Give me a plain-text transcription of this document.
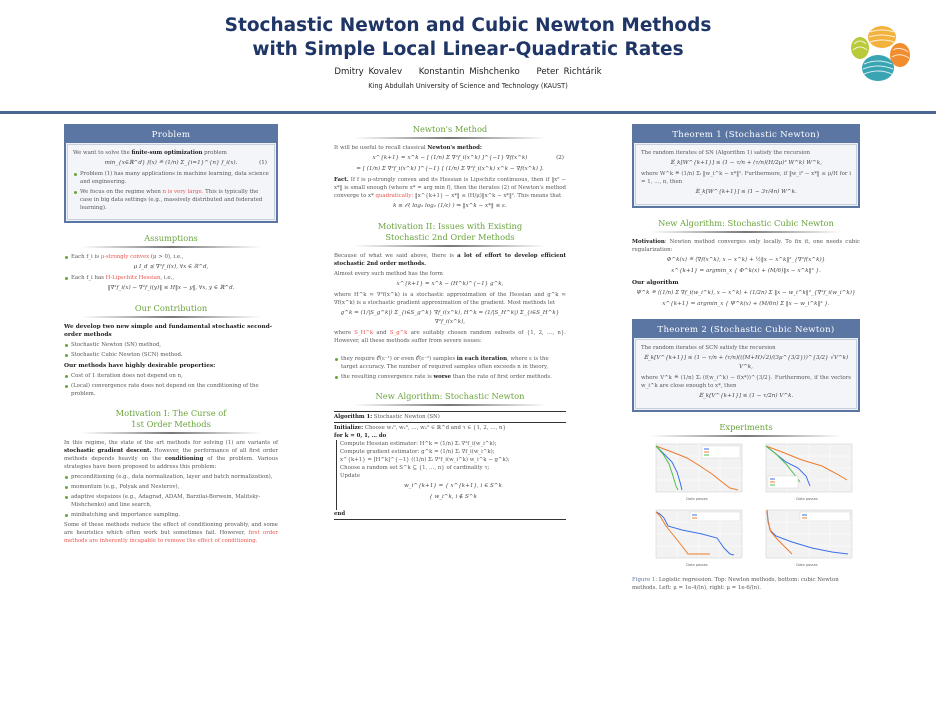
Stochastic Newton and Cubic Newton Methods
with Simple Local Linear-Quadratic Rates
Dmitry Kovalev Konstantin Mishchenko Peter Richtárik
King Abdullah University of Science and Technology (KAUST)
Problem
We want to solve the finite-sum optimization problem
min_{x∈ℝ^d} f(x) ≝ (1/n) Σ_{i=1}^{n} f_i(x).	(1)
Problem (1) has many applications in machine learning, data science and engineering.
We focus on the regime when n is very large. This is typically the case in big data settings (e.g., massively distributed and federated learning).
Assumptions
Each f_i is μ-strongly convex (μ > 0), i.e.,
μ I_d ⪯ ∇²f_i(x), ∀x ∈ ℝ^d,
Each f_i has H-Lipschitz Hessian, i.e.,
‖∇²f_i(x) − ∇²f_i(y)‖ ≤ H‖x − y‖, ∀x, y ∈ ℝ^d.
Our Contribution
We develop two new simple and fundamental stochastic second-order methods
Stochastic Newton (SN) method,
Stochastic Cubic Newton (SCN) method.
Our methods have highly desirable properties:
Cost of 1 iteration does not depend on n,
(Local) convergence rate does not depend on the conditioning of the problem.
Motivation I: The Curse of
1st Order Methods
In this regime, the state of the art methods for solving (1) are variants of stochastic gradient descent. However, the performance of all first order methods depends heavily on the conditioning of the problem. Various strategies have been proposed to address this problem:
preconditioning (e.g., data normalization, layer and batch normalization),
momentum (e.g., Polyak and Nesterov),
adaptive stepsizes (e.g., Adagrad, ADAM, Barzilai-Borwein, Malitsky-Mishchenko) and line search,
minibatching and importance sampling.
Some of these methods reduce the effect of conditioning provably, and some are heuristics which often work but sometimes fail. However, first order methods are inherently incapable to remove the effect of conditioning.
Newton's Method
It will be useful to recall classical Newton's method:
x^{k+1} = x^k − [ (1/n) Σ ∇²f_i(x^k) ]^{−1} ∇f(x^k)	(2)
= [ (1/n) Σ ∇²f_i(x^k) ]^{−1} [ (1/n) Σ ∇²f_i(x^k) x^k − ∇f(x^k) ].
Fact. If f is μ-strongly convex and its Hessian is Lipschitz continuous, then if ‖x⁰ − x*‖ is small enough (where x* = arg min f), then the iterates (2) of Newton's method converge to x* quadratically: ‖x^{k+1} − x*‖ ≤ (H/μ)‖x^k − x*‖². This means that
k ≥ 𝒪( log₂ log₂ (1/ε) ) ⇒ ‖x^k − x*‖ ≤ ε.
Motivation II: Issues with Existing
Stochastic 2nd Order Methods
Because of what we said above, there is a lot of effort to develop efficient stochastic 2nd order methods.
Almost every such method has the form
x^{k+1} = x^k − (H^k)^{−1} g^k,
where H^k ≈ ∇²f(x^k) is a stochastic approximation of the Hessian and g^k ≈ ∇f(x^k) is a stochastic gradient approximation of the gradient. Most methods let
g^k = (1/|S_g^k|) Σ_{i∈S_g^k} ∇f_i(x^k), H^k = (1/|S_H^k|) Σ_{i∈S_H^k} ∇²f_i(x^k),
where S_H^k and S_g^k are suitably chosen random subsets of {1, 2, …, n}. However, all these methods suffer from severe issues:
they require 𝒪(ε⁻¹) or even 𝒪(ε⁻²) samples in each iteration, where ε is the target accuracy. The number of required samples often exceeds n in theory,
the resulting convergence rate is worse than the rate of first order methods.
New Algorithm: Stochastic Newton
Algorithm 1: Stochastic Newton (SN)
Initialize: Choose w₁⁰, w₂⁰, …, wₙ⁰ ∈ ℝ^d and τ ∈ {1, 2, …, n}
for k = 0, 1, … do
Compute Hessian estimator: H^k = (1/n) Σᵢ ∇²f_i(w_i^k);
Compute gradient estimator: g^k = (1/n) Σᵢ ∇f_i(w_i^k);
x^{k+1} = [H^k]^{−1} ((1/n) Σᵢ ∇²f_i(w_i^k) w_i^k − g^k);
Choose a random set S^k ⊆ {1, …, n} of cardinality τ;
Update
w_i^{k+1} = { x^{k+1}, i ∈ S^k
{ w_i^k, i ∉ S^k
end
Theorem 1 (Stochastic Newton)
The random iterates of SN (Algorithm 1) satisfy the recursion
𝔼_k[W^{k+1}] ≤ (1 − τ/n + (τ/n)(H/2μ)² W^k) W^k,
where W^k ≝ (1/n) Σᵢ ‖w_i^k − x*‖². Furthermore, if ‖w_i⁰ − x*‖ ≤ μ/H for i = 1, …, n, then
𝔼_k[W^{k+1}] ≤ (1 − 3τ/4n) W^k.
New Algorithm: Stochastic Cubic Newton
Motivation: Newton method converges only locally. To fix it, one needs cubic regularization:
Φ^k(x) ≝ ⟨∇f(x^k), x − x^k⟩ + ½‖x − x^k‖²_{∇²f(x^k)}
x^{k+1} = argmin_x { Φ^k(x) + (M/6)‖x − x^k‖³ }.
Our algorithm
Ψ^k ≝ ⟨(1/n) Σ ∇f_i(w_i^k), x − x^k⟩ + (1/2n) Σ ‖x − w_i^k‖²_{∇²f_i(w_i^k)}
x^{k+1} = argmin_x { Ψ^k(x) + (M/6n) Σ ‖x − w_i^k‖³ }.
Theorem 2 (Stochastic Cubic Newton)
The random iterates of SCN satisfy the recursion
𝔼_k[V^{k+1}] ≤ (1 − τ/n + (τ/n)(((M+H)√2)/(3μ^{3/2}))^{3/2} √V^k) V^k,
where V^k ≝ (1/n) Σᵢ (f(w_i^k) − f(x*))^{3/2}. Furthermore, if the vectors w_i^k are close enough to x*, then
𝔼_k[V^{k+1}] ≤ (1 − τ/2n) V^k.
Experiments
Data passes	Data passes
Data passes	Data passes
Figure 1: Logistic regression. Top: Newton methods, bottom: cubic Newton methods. Left: μ = 1e-4/(n), right: μ = 1e-6/(n).
